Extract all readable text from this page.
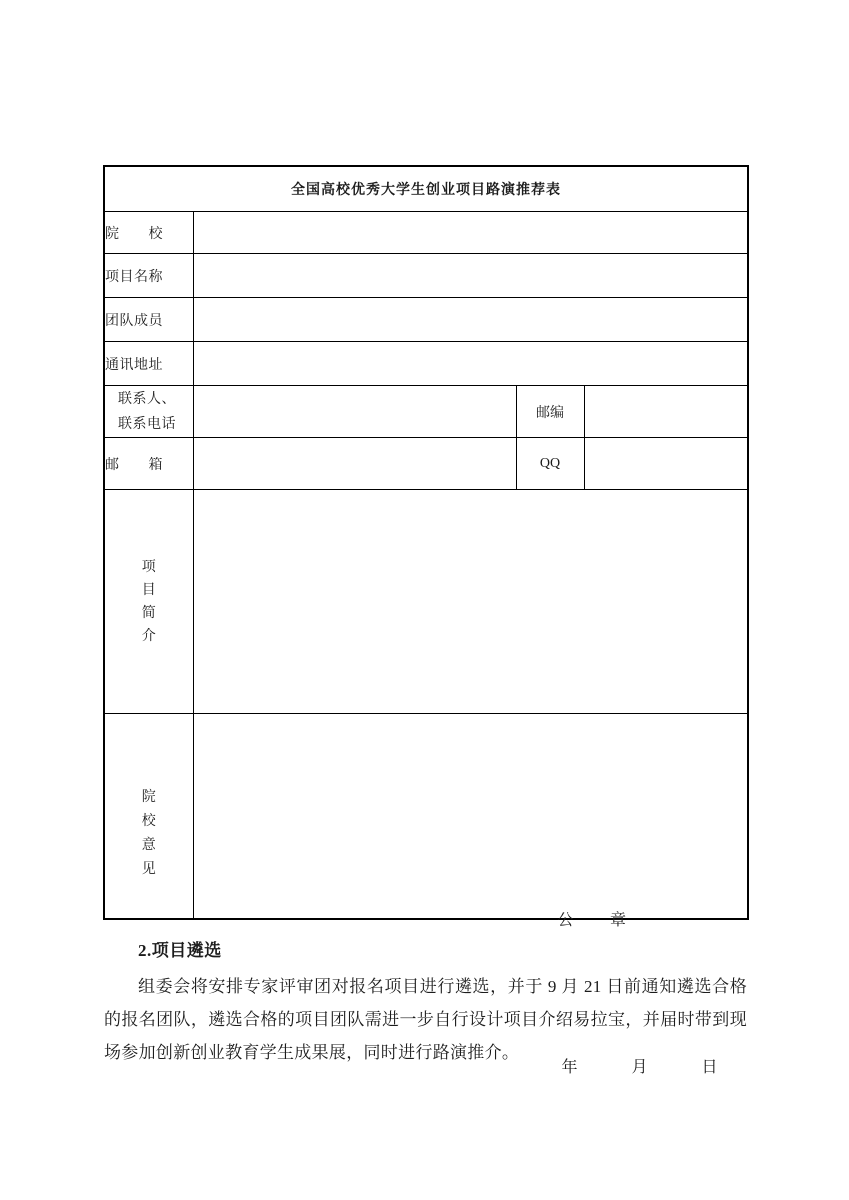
全国高校优秀大学生创业项目路演推荐表			
院　　校			
项目名称			
团队成员			
通讯地址			

联系人、
联系电话		邮编	
邮　　箱		QQ	
项目简介			
院校意见	公　　章

年　　　月　　　日		

2.项目遴选

组委会将安排专家评审团对报名项目进行遴选，并于 9 月 21 日前通知遴选合格的报名团队，遴选合格的项目团队需进一步自行设计项目介绍易拉宝，并届时带到现场参加创新创业教育学生成果展，同时进行路演推介。
